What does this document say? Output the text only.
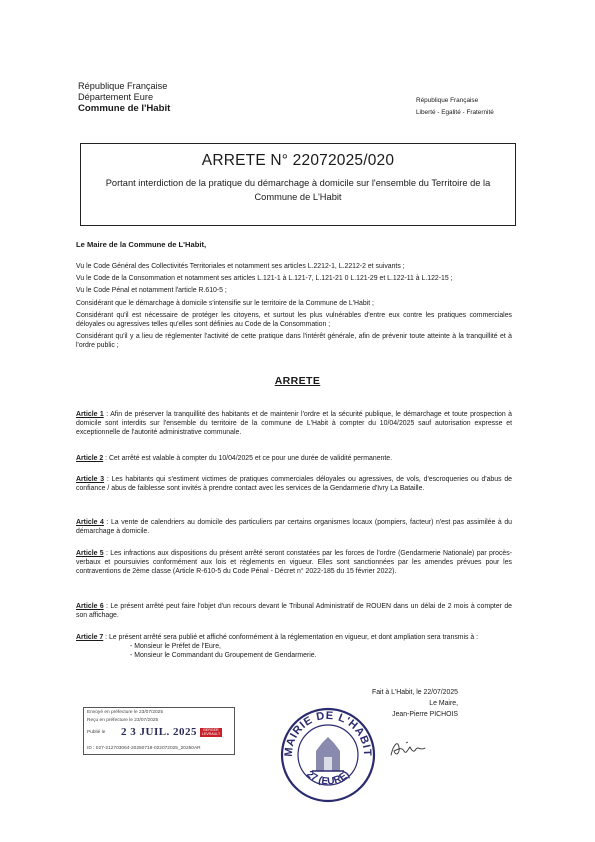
République Française
Département Eure
Commune de l'Habit
République Française
Liberté - Egalité - Fraternité
ARRETE N° 22072025/020
Portant interdiction de la pratique du démarchage à domicile sur l'ensemble du Territoire de la Commune de L'Habit
Le Maire de la Commune de L'Habit,

Vu le Code Général des Collectivités Territoriales et notamment ses articles L.2212-1, L.2212-2 et suivants ;

Vu le Code de la Consommation et notamment ses articles L.121-1 à L.121-7, L.121-21 0 L.121-29 et L.122-11 à L.122-15 ;

Vu le Code Pénal et notamment l'article R.610-5 ;

Considérant que le démarchage à domicile s'intensifie sur le territoire de la Commune de L'Habit ;

Considérant qu'il est nécessaire de protéger les citoyens, et surtout les plus vulnérables d'entre eux contre les pratiques commerciales déloyales ou agressives telles qu'elles sont définies au Code de la Consommation ;

Considérant qu'il y a lieu de réglementer l'activité de cette pratique dans l'intérêt générale, afin de prévenir toute atteinte à la tranquillité et à l'ordre public ;

ARRETE

Article 1 : Afin de préserver la tranquillité des habitants et de maintenir l'ordre et la sécurité publique, le démarchage et toute prospection à domicile sont interdits sur l'ensemble du territoire de la commune de L'Habit à compter du 10/04/2025 sauf autorisation expresse et exceptionnelle de l'autorité administrative communale.

Article 2 : Cet arrêté est valable à compter du 10/04/2025 et ce pour une durée de validité permanente.

Article 3 : Les habitants qui s'estiment victimes de pratiques commerciales déloyales ou agressives, de vols, d'escroqueries ou d'abus de confiance / abus de faiblesse sont invités à prendre contact avec les services de la Gendarmerie d'Ivry La Bataille.

Article 4 : La vente de calendriers au domicile des particuliers par certains organismes locaux (pompiers, facteur) n'est pas assimilée à du démarchage à domicile.

Article 5 : Les infractions aux dispositions du présent arrêté seront constatées par les forces de l'ordre (Gendarmerie Nationale) par procès-verbaux et poursuivies conformément aux lois et règlements en vigueur. Elles sont sanctionnées par les amendes prévues pour les contraventions de 2ème classe (Article R-610-5 du Code Pénal - Décret n° 2022-185 du 15 février 2022).

Article 6 : Le présent arrêté peut faire l'objet d'un recours devant le Tribunal Administratif de ROUEN dans un délai de 2 mois à compter de son affichage.

Article 7 : Le présent arrêté sera publié et affiché conformément à la réglementation en vigueur, et dont ampliation sera transmis à :

- Monsieur le Préfet de l'Eure,

- Monsieur le Commandant du Groupement de Gendarmerie.

Fait à L'Habit, le 22/07/2025
Le Maire,
Jean-Pierre PICHOIS
Envoyé en préfecture le 23/07/2025
Reçu en préfecture le 23/07/2025
Publié le 2 3 JUIL. 2025	BERGER LEVRAULT
ID : 027-212703064-20250718-022072025_20250AR	MAIRIE DE L'HABIT
27 (EURE)
